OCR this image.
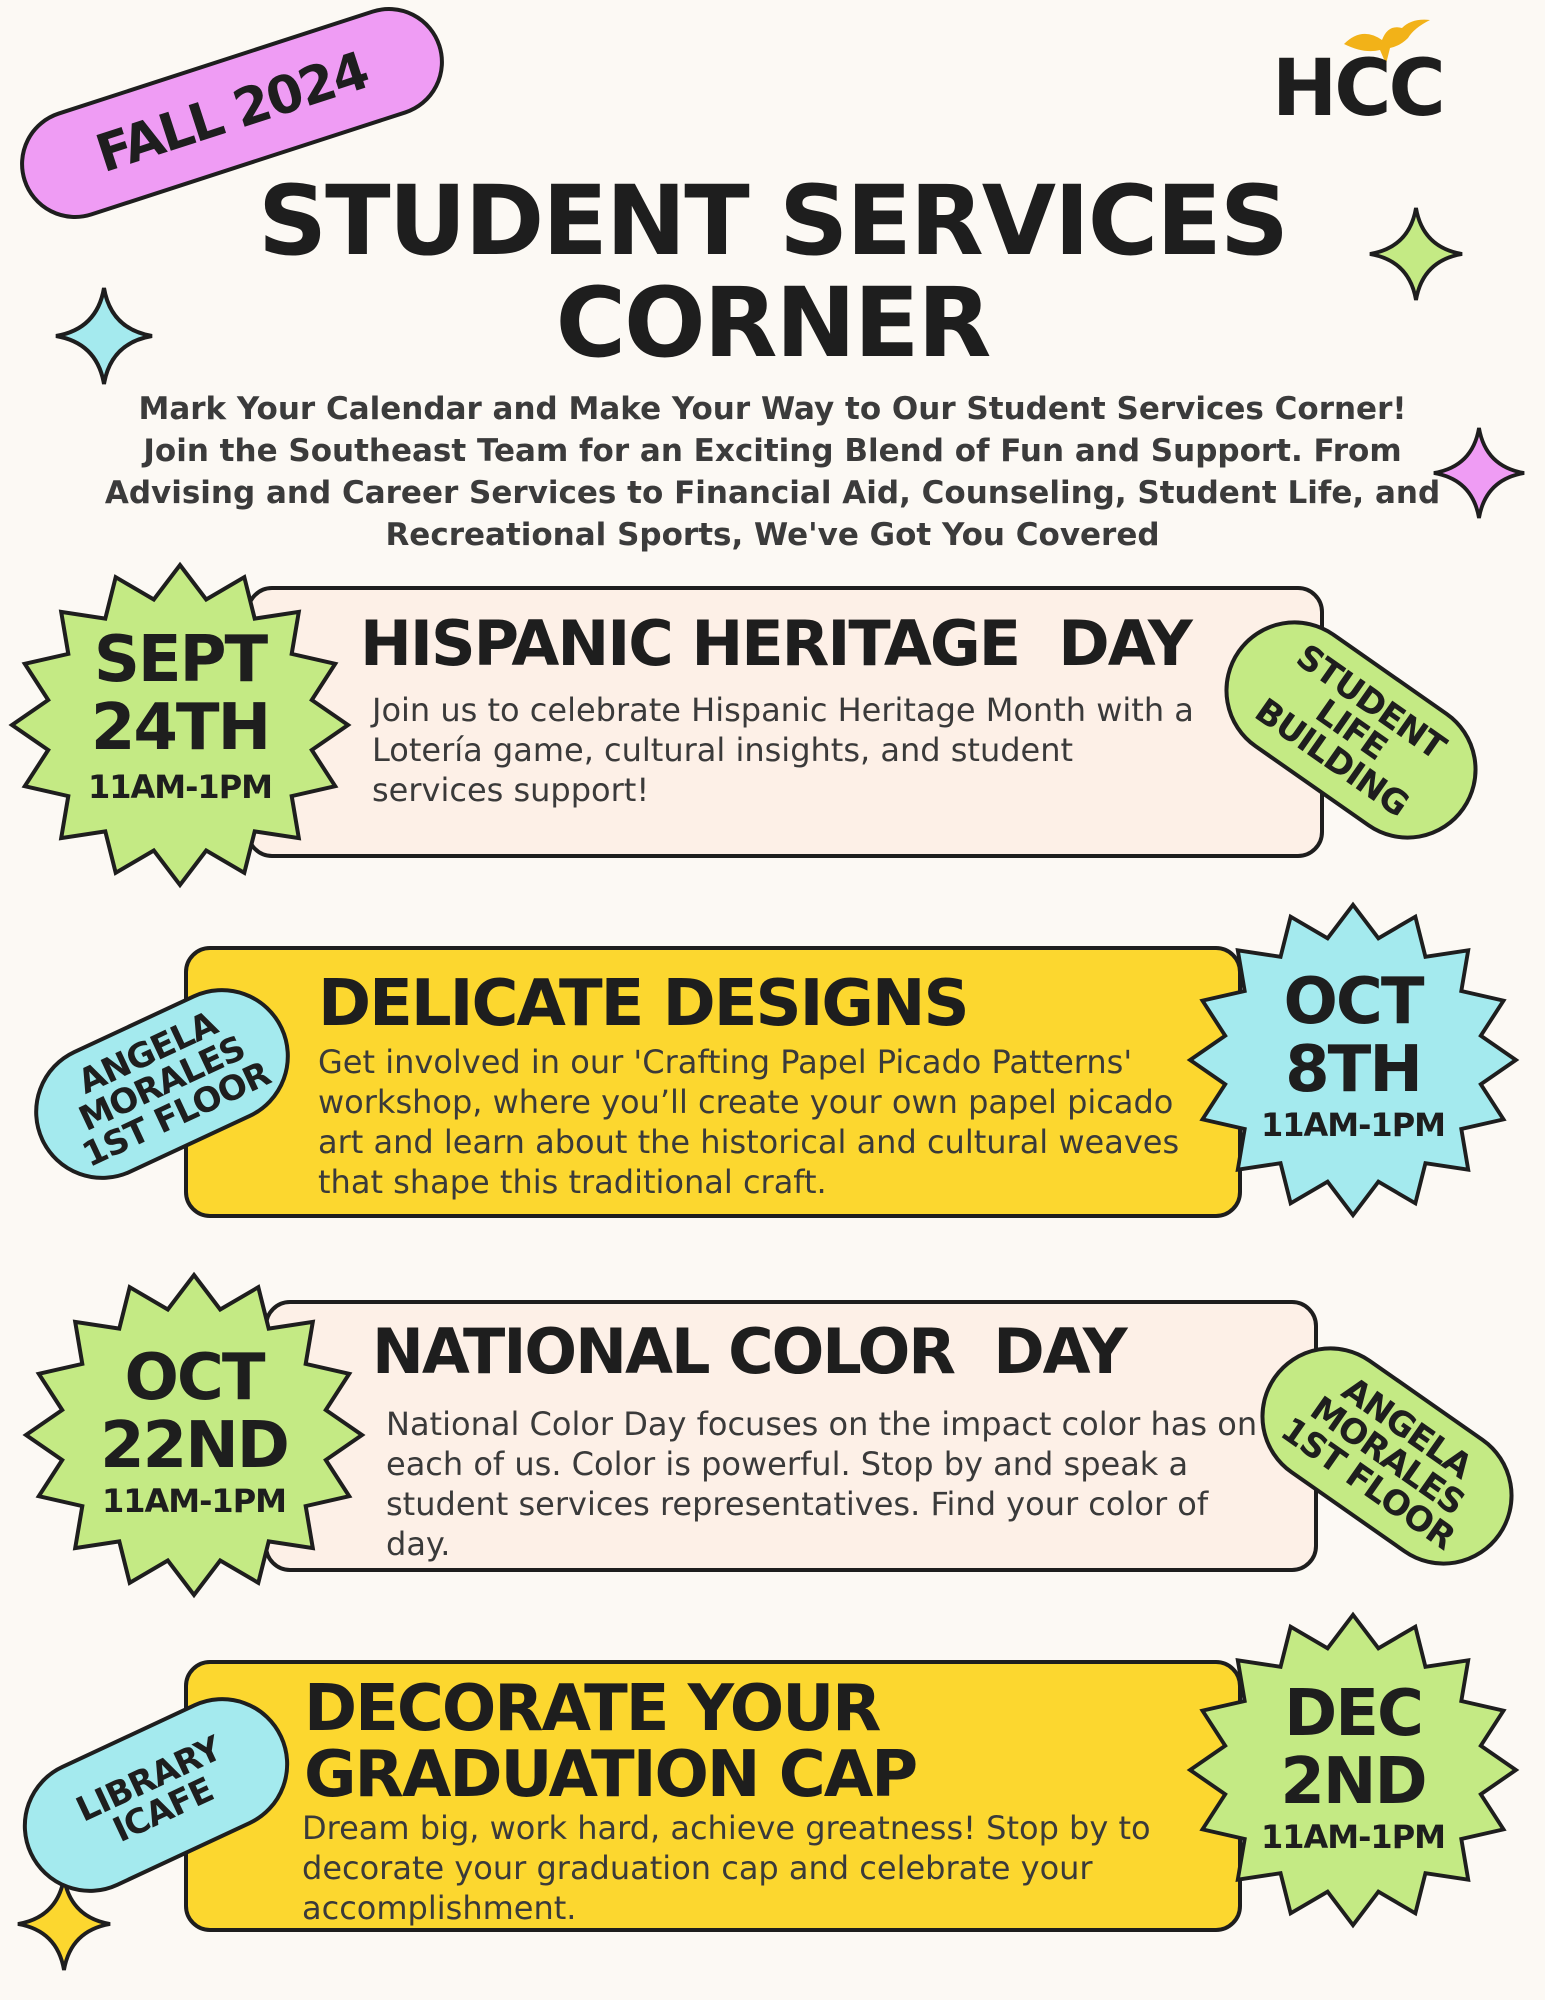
FALL 2024	HCC
STUDENT SERVICES
CORNER
Mark Your Calendar and Make Your Way to Our Student Services Corner!
Join the Southeast Team for an Exciting Blend of Fun and Support. From
Advising and Career Services to Financial Aid, Counseling, Student Life, and
Recreational Sports, We've Got You Covered
HISPANIC HERITAGE  DAY
Join us to celebrate Hispanic Heritage Month with a Lotería game, cultural insights, and student services support!
SEPT
24TH
11AM-1PM
STUDENT
LIFE
BUILDING
DELICATE DESIGNS
Get involved in our 'Crafting Papel Picado Patterns' workshop, where you’ll create your own papel picado art and learn about the historical and cultural weaves that shape this traditional craft.
OCT
8TH
11AM-1PM
ANGELA
MORALES
1ST FLOOR
NATIONAL COLOR  DAY
National Color Day focuses on the impact color has on each of us. Color is powerful. Stop by and speak a student services representatives. Find your color of day.
OCT
22ND
11AM-1PM
ANGELA
MORALES
1ST FLOOR
DECORATE YOUR
GRADUATION CAP
Dream big, work hard, achieve greatness! Stop by to decorate your graduation cap and celebrate your accomplishment.
DEC
2ND
11AM-1PM
LIBRARY
ICAFE
